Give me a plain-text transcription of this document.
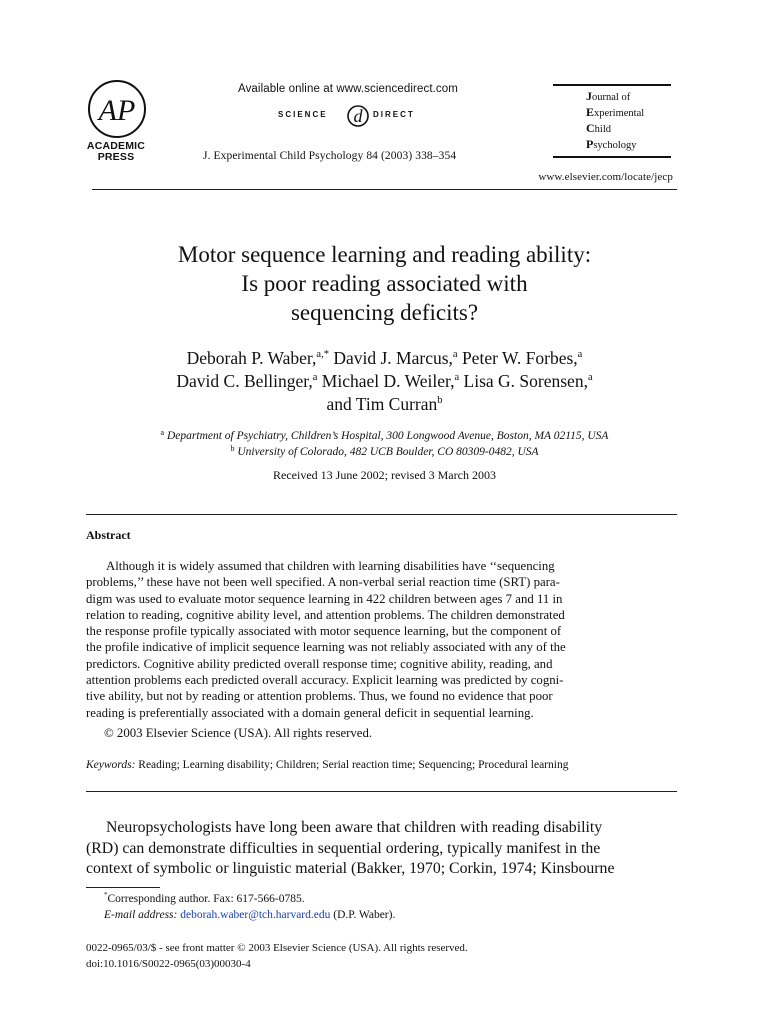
AP
ACADEMIC
PRESS
Available online at www.sciencedirect.com
SCIENCE d DIRECT
J. Experimental Child Psychology 84 (2003) 338–354
Journal of
Experimental
Child
Psychology
www.elsevier.com/locate/jecp
Motor sequence learning and reading ability:
Is poor reading associated with
sequencing deficits?
Deborah P. Waber,$^{a,*}$ David J. Marcus,$^a$ Peter W. Forbes,$^a$
David C. Bellinger,$^a$ Michael D. Weiler,$^a$ Lisa G. Sorensen,$^a$
and Tim Curran$^b$
$^a$ Department of Psychiatry, Children’s Hospital, 300 Longwood Avenue, Boston, MA 02115, USA
$^b$ University of Colorado, 482 UCB Boulder, CO 80309-0482, USA
Received 13 June 2002; revised 3 March 2003
Abstract
Although it is widely assumed that children with learning disabilities have ‘‘sequencing
problems,’’ these have not been well specified. A non-verbal serial reaction time (SRT) para-
digm was used to evaluate motor sequence learning in 422 children between ages 7 and 11 in
relation to reading, cognitive ability level, and attention problems. The children demonstrated
the response profile typically associated with motor sequence learning, but the component of
the profile indicative of implicit sequence learning was not reliably associated with any of the
predictors. Cognitive ability predicted overall response time; cognitive ability, reading, and
attention problems each predicted overall accuracy. Explicit learning was predicted by cogni-
tive ability, but not by reading or attention problems. Thus, we found no evidence that poor
reading is preferentially associated with a domain general deficit in sequential learning.
© 2003 Elsevier Science (USA). All rights reserved.
Keywords: Reading; Learning disability; Children; Serial reaction time; Sequencing; Procedural learning

Neuropsychologists have long been aware that children with reading disability

(RD) can demonstrate difficulties in sequential ordering, typically manifest in the
context of symbolic or linguistic material (Bakker, 1970; Corkin, 1974; Kinsbourne
*Corresponding author. Fax: 617-566-0785.
E-mail address: deborah.waber@tch.harvard.edu (D.P. Waber).
0022-0965/03/$ - see front matter © 2003 Elsevier Science (USA). All rights reserved.
doi:10.1016/S0022-0965(03)00030-4
